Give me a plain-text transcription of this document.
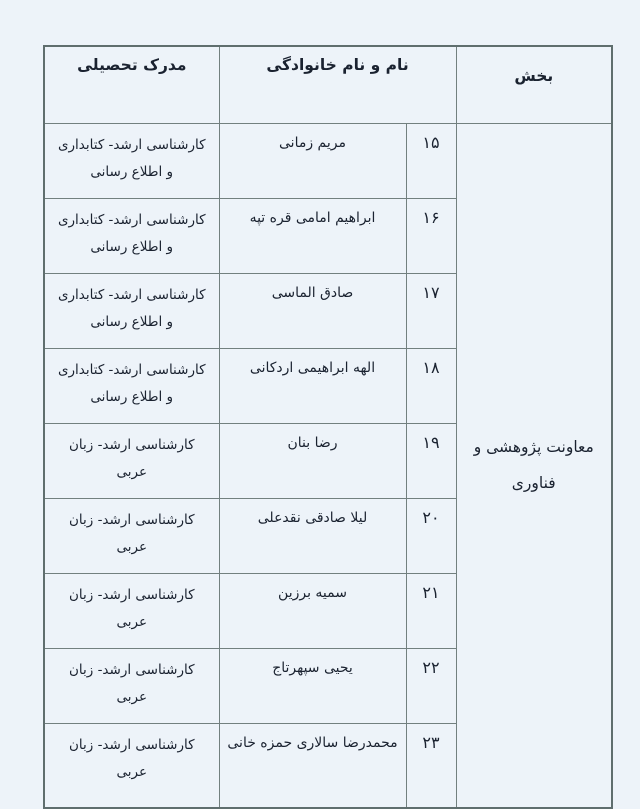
بخش	نام و نام خانوادگی		مدرک تحصیلی
معاونت پژوهشی و فناوری	۱۵	مریم زمانی	کارشناسی ارشد- کتابداری و اطلاع رسانی
	۱۶	ابراهیم امامی قره تپه	کارشناسی ارشد- کتابداری و اطلاع رسانی
	۱۷	صادق الماسی	کارشناسی ارشد- کتابداری و اطلاع رسانی
	۱۸	الهه ابراهیمی اردکانی	کارشناسی ارشد- کتابداری و اطلاع رسانی
	۱۹	رضا بنان	کارشناسی ارشد- زبان عربی
	۲۰	لیلا صادقی نقدعلی	کارشناسی ارشد- زبان عربی
	۲۱	سمیه برزین	کارشناسی ارشد- زبان عربی
	۲۲	یحیی سپهرتاج	کارشناسی ارشد- زبان عربی
	۲۳	محمدرضا سالاری حمزه خانی	کارشناسی ارشد- زبان عربی
